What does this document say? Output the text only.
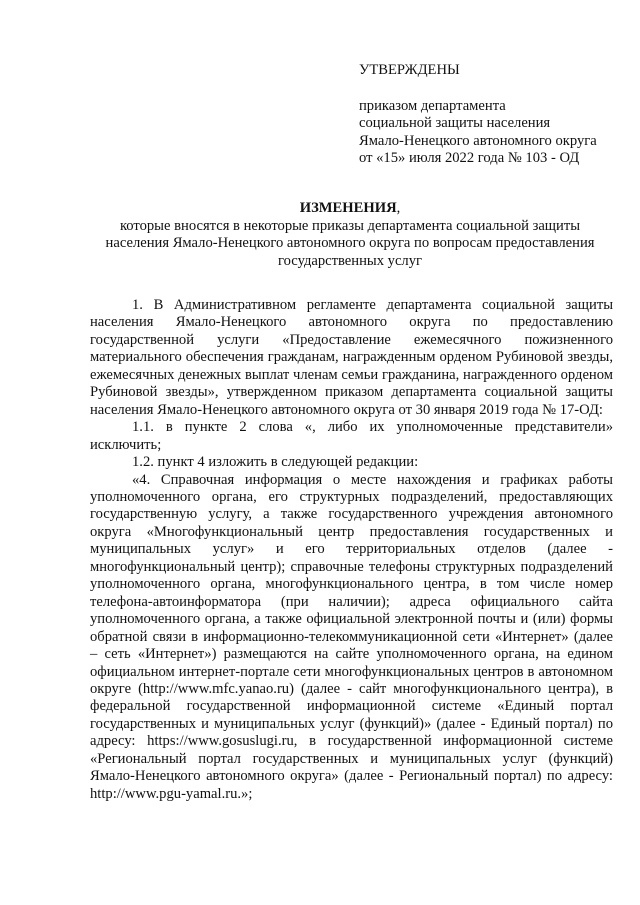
УТВЕРЖДЕНЫ
приказом департамента
социальной защиты населения
Ямало-Ненецкого автономного округа
от «15» июля 2022 года № 103 - ОД
ИЗМЕНЕНИЯ,
которые вносятся в некоторые приказы департамента социальной защиты населения Ямало-Ненецкого автономного округа по вопросам предоставления государственных услуг

1. В Административном регламенте департамента социальной защиты населения Ямало-Ненецкого автономного округа по предоставлению государственной услуги «Предоставление ежемесячного пожизненного материального обеспечения гражданам, награжденным орденом Рубиновой звезды, ежемесячных денежных выплат членам семьи гражданина, награжденного орденом Рубиновой звезды», утвержденном приказом департамента социальной защиты населения Ямало-Ненецкого автономного округа от 30 января 2019 года № 17-ОД:

1.1. в пункте 2 слова «, либо их уполномоченные представители» исключить;

1.2. пункт 4 изложить в следующей редакции:

«4. Справочная информация о месте нахождения и графиках работы уполномоченного органа, его структурных подразделений, предоставляющих государственную услугу, а также государственного учреждения автономного округа «Многофункциональный центр предоставления государственных и муниципальных услуг» и его территориальных отделов (далее - многофункциональный центр); справочные телефоны структурных подразделений уполномоченного органа, многофункционального центра, в том числе номер телефона-автоинформатора (при наличии); адреса официального сайта уполномоченного органа, а также официальной электронной почты и (или) формы обратной связи в информационно-телекоммуникационной сети «Интернет» (далее – сеть «Интернет») размещаются на сайте уполномоченного органа, на едином официальном интернет-портале сети многофункциональных центров в автономном округе (http://www.mfc.yanao.ru) (далее - сайт многофункционального центра), в федеральной государственной информационной системе «Единый портал государственных и муниципальных услуг (функций)» (далее - Единый портал) по адресу: https://www.gosuslugi.ru, в государственной информационной системе «Региональный портал государственных и муниципальных услуг (функций) Ямало-Ненецкого автономного округа» (далее - Региональный портал) по адресу: http://www.pgu-yamal.ru.»;
